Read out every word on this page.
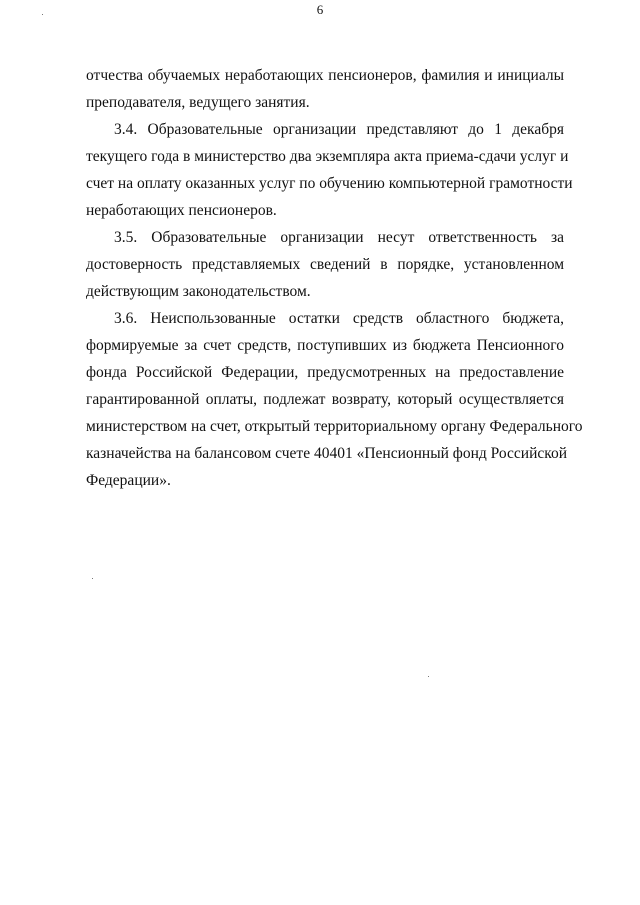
6
отчества обучаемых неработающих пенсионеров, фамилия и инициалы
преподавателя, ведущего занятия.
3.4. Образовательные организации представляют до 1 декабря
текущего года в министерство два экземпляра акта приема-сдачи услуг и
счет на оплату оказанных услуг по обучению компьютерной грамотности
неработающих пенсионеров.
3.5. Образовательные организации несут ответственность за
достоверность представляемых сведений в порядке, установленном
действующим законодательством.
3.6. Неиспользованные остатки средств областного бюджета,
формируемые за счет средств, поступивших из бюджета Пенсионного
фонда Российской Федерации, предусмотренных на предоставление
гарантированной оплаты, подлежат возврату, который осуществляется
министерством на счет, открытый территориальному органу Федерального
казначейства на балансовом счете 40401 «Пенсионный фонд Российской
Федерации».
